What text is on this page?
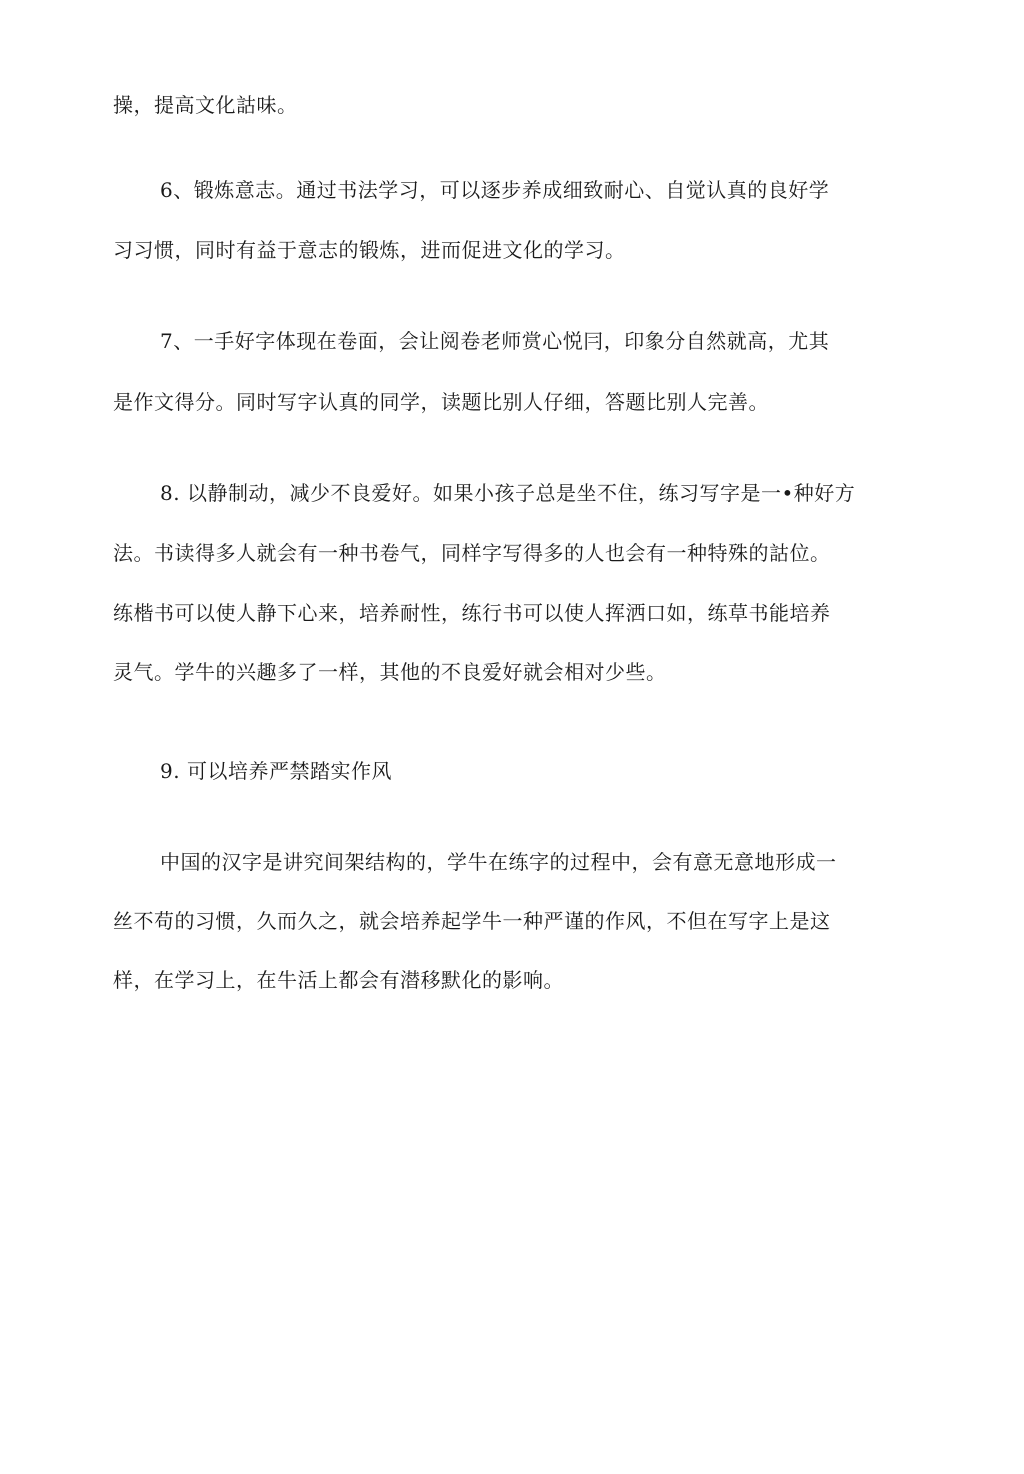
操，提高文化詁味。

6、锻炼意志。通过书法学习，可以逐步养成细致耐心、自觉认真的良好学

习习惯，同时有益于意志的锻炼，进而促进文化的学习。

7、一手好字体现在卷面，会让阅卷老师赏心悦冃，印象分自然就高，尤其

是作文得分。同时写字认真的同学，读题比别人仔细，答题比别人完善。

8. 以静制动，减少不良爱好。如果小孩子总是坐不住，练习写字是一•种好方

法。书读得多人就会有一种书卷气，同样字写得多的人也会有一种特殊的詁位。

练楷书可以使人静下心来，培养耐性，练行书可以使人挥洒口如，练草书能培养

灵气。学牛的兴趣多了一样，其他的不良爱好就会相对少些。

9. 可以培养严禁踏实作风

中国的汉字是讲究间架结构的，学牛在练字的过程中，会有意无意地形成一

丝不苟的习惯，久而久之，就会培养起学牛一种严谨的作风，不但在写字上是这

样，在学习上，在牛活上都会有潜移默化的影响。
